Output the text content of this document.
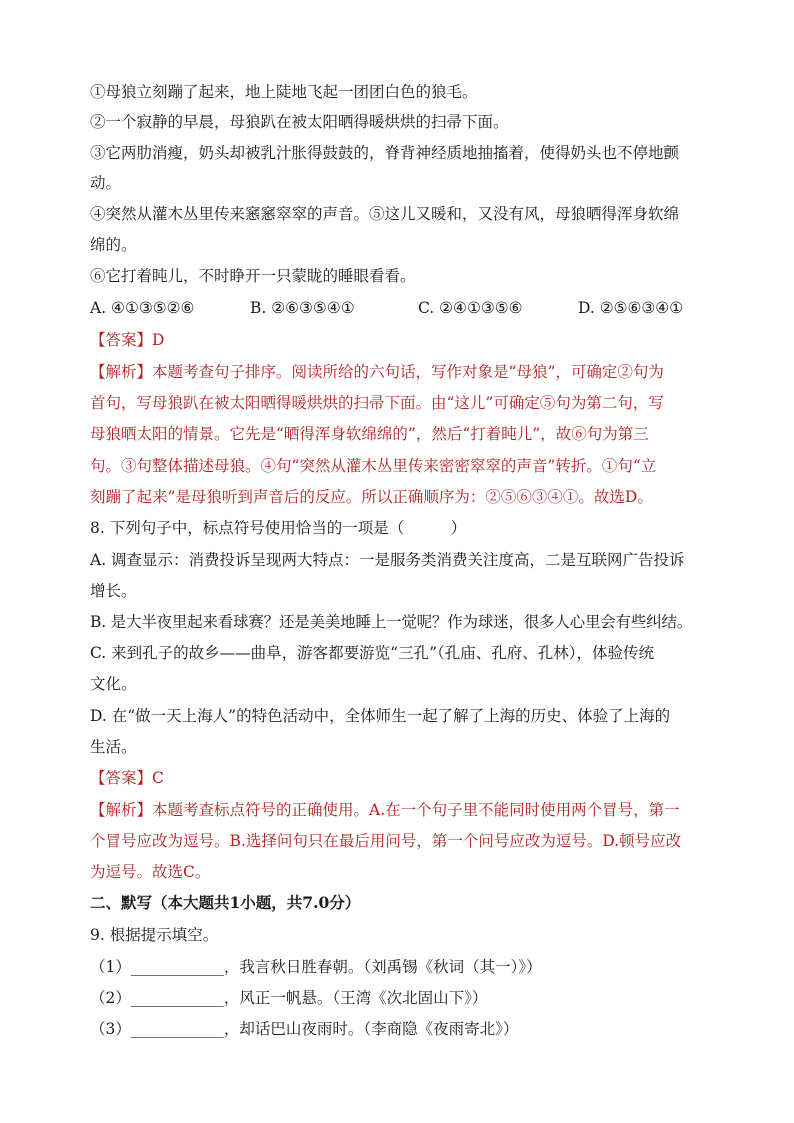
①母狼立刻蹦了起来，地上陡地飞起一团团白色的狼毛。
②一个寂静的早晨，母狼趴在被太阳晒得暖烘烘的扫帚下面。
③它两肋消瘦，奶头却被乳汁胀得鼓鼓的，脊背神经质地抽搐着，使得奶头也不停地颤
动。
④突然从灌木丛里传来窸窸窣窣的声音。⑤这儿又暖和，又没有风，母狼晒得浑身软绵
绵的。
⑥它打着盹儿，不时睁开一只蒙眬的睡眼看看。
A. ④①③⑤②⑥	B. ②⑥③⑤④①	C. ②④①③⑤⑥	D. ②⑤⑥③④①
【答案】D
【解析】本题考查句子排序。阅读所给的六句话，写作对象是“母狼”，可确定②句为
首句，写母狼趴在被太阳晒得暖烘烘的扫帚下面。由“这儿”可确定⑤句为第二句，写
母狼晒太阳的情景。它先是“晒得浑身软绵绵的”，然后“打着盹儿”，故⑥句为第三
句。③句整体描述母狼。④句“突然从灌木丛里传来密密窣窣的声音”转折。①句“立
刻蹦了起来”是母狼听到声音后的反应。所以正确顺序为：②⑤⑥③④①。故选D。
8. 下列句子中，标点符号使用恰当的一项是（　　　）
A. 调查显示：消费投诉呈现两大特点：一是服务类消费关注度高，二是互联网广告投诉
增长。
B. 是大半夜里起来看球赛？还是美美地睡上一觉呢？作为球迷，很多人心里会有些纠结。
C. 来到孔子的故乡——曲阜，游客都要游览“三孔”（孔庙、孔府、孔林），体验传统
文化。
D. 在“做一天上海人”的特色活动中，全体师生一起了解了上海的历史、体验了上海的
生活。
【答案】C
【解析】本题考查标点符号的正确使用。A.在一个句子里不能同时使用两个冒号，第一
个冒号应改为逗号。B.选择问句只在最后用问号，第一个问号应改为逗号。D.顿号应改
为逗号。故选C。
二、默写（本大题共1小题，共7.0分）
9. 根据提示填空。
（1）____________，我言秋日胜春朝。（刘禹锡《秋词（其一）》）
（2）____________，风正一帆悬。（王湾《次北固山下》）
（3）____________，却话巴山夜雨时。（李商隐《夜雨寄北》）
